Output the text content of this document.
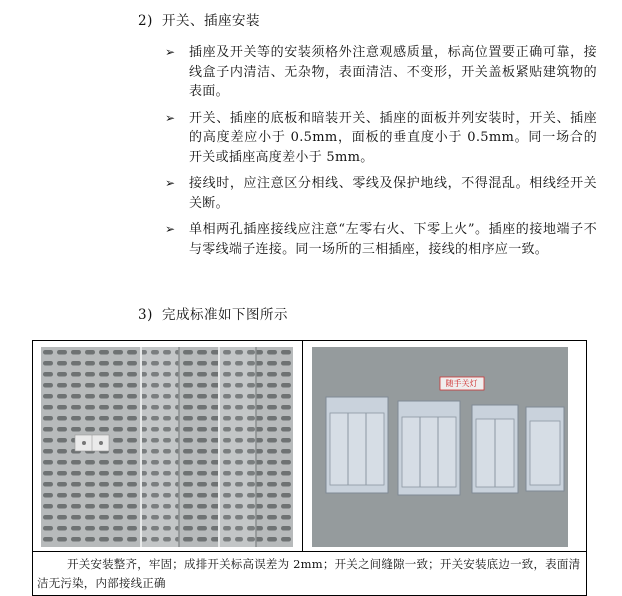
2) 开关、插座安装
➢ 插座及开关等的安装须格外注意观感质量，标高位置要正确可靠，接线盒子内清洁、无杂物，表面清洁、不变形，开关盖板紧贴建筑物的表面。
➢ 开关、插座的底板和暗装开关、插座的面板并列安装时，开关、插座的高度差应小于 0.5mm，面板的垂直度小于 0.5mm。同一场合的开关或插座高度差小于 5mm。
➢ 接线时，应注意区分相线、零线及保护地线，不得混乱。相线经开关关断。
➢ 单相两孔插座接线应注意“左零右火、下零上火”。插座的接地端子不与零线端子连接。同一场所的三相插座，接线的相序应一致。
3) 完成标准如下图所示

随手关灯

开关安装整齐，牢固；成排开关标高误差为 2mm；开关之间缝隙一致；开关安装底边一致，表面清洁无污染，内部接线正确
